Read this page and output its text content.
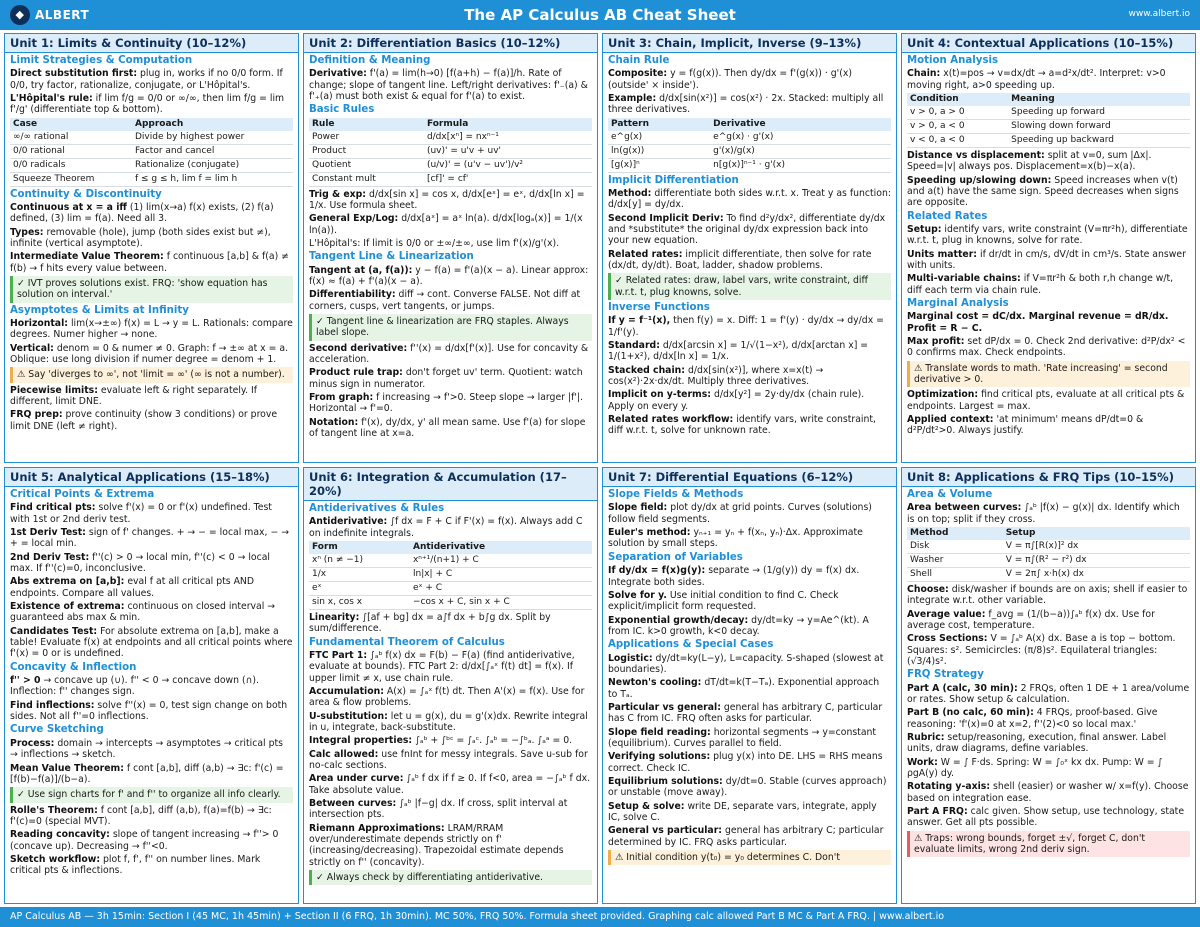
◆ ALBERT	The AP Calculus AB Cheat Sheet	www.albert.io
Unit 1: Limits & Continuity (10–12%)
Limit Strategies & Computation
Direct substitution first: plug in, works if no 0/0 form. If 0/0, try factor, rationalize, conjugate, or L'Hôpital's.
L'Hôpital's rule: if lim f/g = 0/0 or ∞/∞, then lim f/g = lim f'/g' (differentiate top & bottom).
Case	Approach
∞/∞ rational	Divide by highest power
0/0 rational	Factor and cancel
0/0 radicals	Rationalize (conjugate)
Squeeze Theorem	f ≤ g ≤ h, lim f = lim h
Continuity & Discontinuity
Continuous at x = a iff (1) lim(x→a) f(x) exists, (2) f(a) defined, (3) lim = f(a). Need all 3.
Types: removable (hole), jump (both sides exist but ≠), infinite (vertical asymptote).
Intermediate Value Theorem: f continuous [a,b] & f(a) ≠ f(b) → f hits every value between.
✓ IVT proves solutions exist. FRQ: 'show equation has solution on interval.'
Asymptotes & Limits at Infinity
Horizontal: lim(x→±∞) f(x) = L → y = L. Rationals: compare degrees. Numer higher → none.
Vertical: denom = 0 & numer ≠ 0. Graph: f → ±∞ at x = a. Oblique: use long division if numer degree = denom + 1.
⚠ Say 'diverges to ∞', not 'limit = ∞' (∞ is not a number).
Piecewise limits: evaluate left & right separately. If different, limit DNE.
FRQ prep: prove continuity (show 3 conditions) or prove limit DNE (left ≠ right).
Unit 2: Differentiation Basics (10–12%)
Definition & Meaning
Derivative: f'(a) = lim(h→0) [f(a+h) − f(a)]/h. Rate of change; slope of tangent line. Left/right derivatives: f'₋(a) & f'₊(a) must both exist & equal for f'(a) to exist.
Basic Rules
Rule	Formula
Power	d/dx[xⁿ] = nxⁿ⁻¹
Product	(uv)' = u'v + uv'
Quotient	(u/v)' = (u'v − uv')/v²
Constant mult	[cf]' = cf'
Trig & exp: d/dx[sin x] = cos x, d/dx[eˣ] = eˣ, d/dx[ln x] = 1/x. Use formula sheet.
General Exp/Log: d/dx[aˣ] = aˣ ln(a). d/dx[logₐ(x)] = 1/(x ln(a)).
L'Hôpital's: If limit is 0/0 or ±∞/±∞, use lim f'(x)/g'(x).
Tangent Line & Linearization
Tangent at (a, f(a)): y − f(a) = f'(a)(x − a). Linear approx: f(x) ≈ f(a) + f'(a)(x − a).
Differentiability: diff → cont. Converse FALSE. Not diff at corners, cusps, vert tangents, or jumps.
✓ Tangent line & linearization are FRQ staples. Always label slope.
Second derivative: f''(x) = d/dx[f'(x)]. Use for concavity & acceleration.
Product rule trap: don't forget uv' term. Quotient: watch minus sign in numerator.
From graph: f increasing → f'>0. Steep slope → larger |f'|. Horizontal → f'=0.
Notation: f'(x), dy/dx, y' all mean same. Use f'(a) for slope of tangent line at x=a.
Unit 3: Chain, Implicit, Inverse (9–13%)
Chain Rule
Composite: y = f(g(x)). Then dy/dx = f'(g(x)) · g'(x) (outside' × inside').
Example: d/dx[sin(x²)] = cos(x²) · 2x. Stacked: multiply all three derivatives.
Pattern	Derivative
e^g(x)	e^g(x) · g'(x)
ln(g(x))	g'(x)/g(x)
[g(x)]ⁿ	n[g(x)]ⁿ⁻¹ · g'(x)
Implicit Differentiation
Method: differentiate both sides w.r.t. x. Treat y as function: d/dx[y] = dy/dx.
Second Implicit Deriv: To find d²y/dx², differentiate dy/dx and *substitute* the original dy/dx expression back into your new equation.
Related rates: implicit differentiate, then solve for rate (dx/dt, dy/dt). Boat, ladder, shadow problems.
✓ Related rates: draw, label vars, write constraint, diff w.r.t. t, plug knowns, solve.
Inverse Functions
If y = f⁻¹(x), then f(y) = x. Diff: 1 = f'(y) · dy/dx → dy/dx = 1/f'(y).
Standard: d/dx[arcsin x] = 1/√(1−x²), d/dx[arctan x] = 1/(1+x²), d/dx[ln x] = 1/x.
Stacked chain: d/dx[sin(x²)], where x=x(t) → cos(x²)·2x·dx/dt. Multiply three derivatives.
Implicit on y-terms: d/dx[y²] = 2y·dy/dx (chain rule). Apply on every y.
Related rates workflow: identify vars, write constraint, diff w.r.t. t, solve for unknown rate.
Unit 4: Contextual Applications (10–15%)
Motion Analysis
Chain: x(t)=pos → v=dx/dt → a=d²x/dt². Interpret: v>0 moving right, a>0 speeding up.
Condition	Meaning
v > 0, a > 0	Speeding up forward
v > 0, a < 0	Slowing down forward
v < 0, a < 0	Speeding up backward
Distance vs displacement: split at v=0, sum |Δx|. Speed=|v| always pos. Displacement=x(b)−x(a).
Speeding up/slowing down: Speed increases when v(t) and a(t) have the same sign. Speed decreases when signs are opposite.
Related Rates
Setup: identify vars, write constraint (V=πr²h), differentiate w.r.t. t, plug in knowns, solve for rate.
Units matter: if dr/dt in cm/s, dV/dt in cm³/s. State answer with units.
Multi-variable chains: if V=πr²h & both r,h change w/t, diff each term via chain rule.
Marginal Analysis
Marginal cost = dC/dx. Marginal revenue = dR/dx. Profit = R − C.
Max profit: set dP/dx = 0. Check 2nd derivative: d²P/dx² < 0 confirms max. Check endpoints.
⚠ Translate words to math. 'Rate increasing' = second derivative > 0.
Optimization: find critical pts, evaluate at all critical pts & endpoints. Largest = max.
Applied context: 'at minimum' means dP/dt=0 & d²P/dt²>0. Always justify.
Unit 5: Analytical Applications (15–18%)
Critical Points & Extrema
Find critical pts: solve f'(x) = 0 or f'(x) undefined. Test with 1st or 2nd deriv test.
1st Deriv Test: sign of f' changes. + → − = local max, − → + = local min.
2nd Deriv Test: f''(c) > 0 → local min, f''(c) < 0 → local max. If f''(c)=0, inconclusive.
Abs extrema on [a,b]: eval f at all critical pts AND endpoints. Compare all values.
Existence of extrema: continuous on closed interval → guaranteed abs max & min.
Candidates Test: For absolute extrema on [a,b], make a table! Evaluate f(x) at endpoints and all critical points where f'(x) = 0 or is undefined.
Concavity & Inflection
f'' > 0 → concave up (∪). f'' < 0 → concave down (∩). Inflection: f'' changes sign.
Find inflections: solve f''(x) = 0, test sign change on both sides. Not all f''=0 inflections.
Curve Sketching
Process: domain → intercepts → asymptotes → critical pts → inflections → sketch.
Mean Value Theorem: f cont [a,b], diff (a,b) → ∃c: f'(c) = [f(b)−f(a)]/(b−a).
✓ Use sign charts for f' and f'' to organize all info clearly.
Rolle's Theorem: f cont [a,b], diff (a,b), f(a)=f(b) → ∃c: f'(c)=0 (special MVT).
Reading concavity: slope of tangent increasing → f''> 0 (concave up). Decreasing → f''<0.
Sketch workflow: plot f, f', f'' on number lines. Mark critical pts & inflections.
Unit 6: Integration & Accumulation (17–20%)
Antiderivatives & Rules
Antiderivative: ∫f dx = F + C if F'(x) = f(x). Always add C on indefinite integrals.
Form	Antiderivative
xⁿ (n ≠ −1)	xⁿ⁺¹/(n+1) + C
1/x	ln|x| + C
eˣ	eˣ + C
sin x, cos x	−cos x + C, sin x + C
Linearity: ∫[af + bg] dx = a∫f dx + b∫g dx. Split by sum/difference.
Fundamental Theorem of Calculus
FTC Part 1: ∫ₐᵇ f(x) dx = F(b) − F(a) (find antiderivative, evaluate at bounds). FTC Part 2: d/dx[∫ₐˣ f(t) dt] = f(x). If upper limit ≠ x, use chain rule.
Accumulation: A(x) = ∫ₐˣ f(t) dt. Then A'(x) = f(x). Use for area & flow problems.
U-substitution: let u = g(x), du = g'(x)dx. Rewrite integral in u, integrate, back-substitute.
Integral properties: ∫ₐᵇ + ∫ᵇᶜ = ∫ₐᶜ. ∫ₐᵇ = −∫ᵇₐ. ∫ₐᵃ = 0.
Calc allowed: use fnInt for messy integrals. Save u-sub for no-calc sections.
Area under curve: ∫ₐᵇ f dx if f ≥ 0. If f<0, area = −∫ₐᵇ f dx. Take absolute value.
Between curves: ∫ₐᵇ |f−g| dx. If cross, split interval at intersection pts.
Riemann Approximations: LRAM/RRAM over/underestimate depends strictly on f' (increasing/decreasing). Trapezoidal estimate depends strictly on f'' (concavity).
✓ Always check by differentiating antiderivative.
Unit 7: Differential Equations (6–12%)
Slope Fields & Methods
Slope field: plot dy/dx at grid points. Curves (solutions) follow field segments.
Euler's method: yₙ₊₁ = yₙ + f(xₙ, yₙ)·Δx. Approximate solution by small steps.
Separation of Variables
If dy/dx = f(x)g(y): separate → (1/g(y)) dy = f(x) dx. Integrate both sides.
Solve for y. Use initial condition to find C. Check explicit/implicit form requested.
Exponential growth/decay: dy/dt=ky → y=Ae^(kt). A from IC. k>0 growth, k<0 decay.
Applications & Special Cases
Logistic: dy/dt=ky(L−y), L=capacity. S-shaped (slowest at boundaries).
Newton's cooling: dT/dt=k(T−Tₐ). Exponential approach to Tₐ.
Particular vs general: general has arbitrary C, particular has C from IC. FRQ often asks for particular.
Slope field reading: horizontal segments → y=constant (equilibrium). Curves parallel to field.
Verifying solutions: plug y(x) into DE. LHS = RHS means correct. Check IC.
Equilibrium solutions: dy/dt=0. Stable (curves approach) or unstable (move away).
Setup & solve: write DE, separate vars, integrate, apply IC, solve C.
General vs particular: general has arbitrary C; particular determined by IC. FRQ asks particular.
⚠ Initial condition y(t₀) = y₀ determines C. Don't
Unit 8: Applications & FRQ Tips (10–15%)
Area & Volume
Area between curves: ∫ₐᵇ |f(x) − g(x)| dx. Identify which is on top; split if they cross.
Method	Setup
Disk	V = π∫[R(x)]² dx
Washer	V = π∫(R² − r²) dx
Shell	V = 2π∫ x·h(x) dx
Choose: disk/washer if bounds are on axis; shell if easier to integrate w.r.t. other variable.
Average value: f_avg = (1/(b−a))∫ₐᵇ f(x) dx. Use for average cost, temperature.
Cross Sections: V = ∫ₐᵇ A(x) dx. Base a is top − bottom. Squares: s². Semicircles: (π/8)s². Equilateral triangles: (√3/4)s².
FRQ Strategy
Part A (calc, 30 min): 2 FRQs, often 1 DE + 1 area/volume or rates. Show setup & calculation.
Part B (no calc, 60 min): 4 FRQs, proof-based. Give reasoning: 'f'(x)=0 at x=2, f''(2)<0 so local max.'
Rubric: setup/reasoning, execution, final answer. Label units, draw diagrams, define variables.
Work: W = ∫ F·ds. Spring: W = ∫₀ˣ kx dx. Pump: W = ∫ ρgA(y) dy.
Rotating y-axis: shell (easier) or washer w/ x=f(y). Choose based on integration ease.
Part A FRQ: calc given. Show setup, use technology, state answer. Get all pts possible.
⚠ Traps: wrong bounds, forget ±√, forget C, don't evaluate limits, wrong 2nd deriv sign.
AP Calculus AB — 3h 15min: Section I (45 MC, 1h 45min) + Section II (6 FRQ, 1h 30min). MC 50%, FRQ 50%. Formula sheet provided. Graphing calc allowed Part B MC & Part A FRQ. | www.albert.io
